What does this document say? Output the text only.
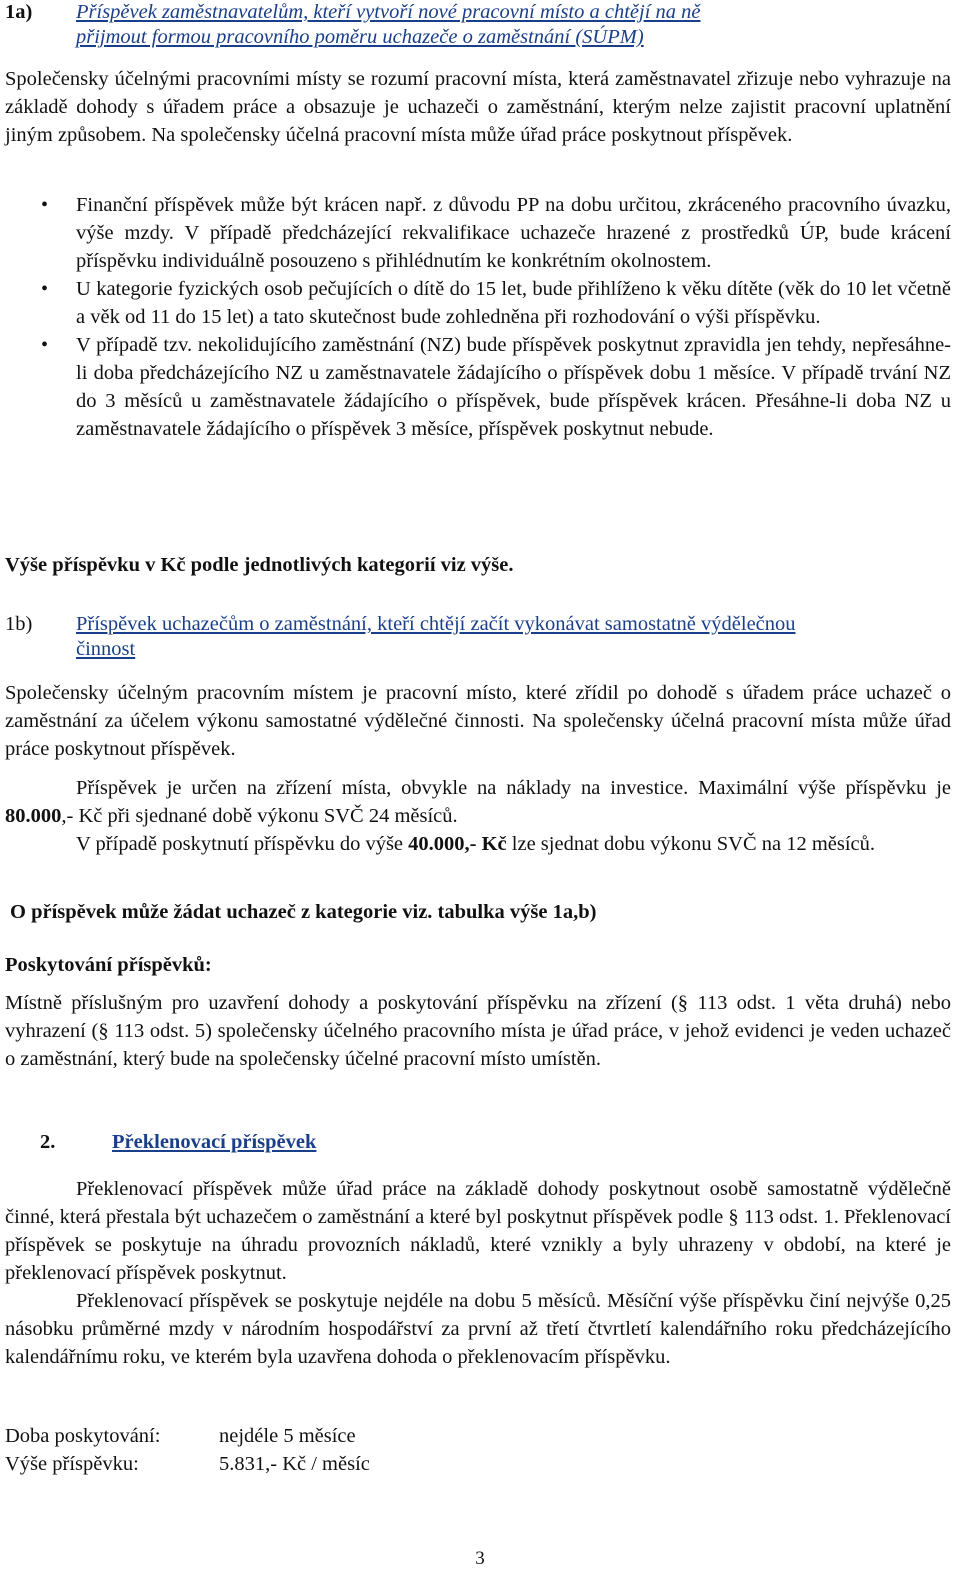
1a)	Příspěvek zaměstnavatelům, kteří vytvoří nové pracovní místo a chtějí na ně
přijmout formou pracovního poměru uchazeče o zaměstnání (SÚPM)

Společensky účelnými pracovními místy se rozumí pracovní místa, která zaměstnavatel zřizuje nebo vyhrazuje na základě dohody s úřadem práce a obsazuje je uchazeči o zaměstnání, kterým nelze zajistit pracovní uplatnění jiným způsobem. Na společensky účelná pracovní místa může úřad práce poskytnout příspěvek.

• Finanční příspěvek může být krácen např. z důvodu PP na dobu určitou, zkráceného pracovního úvazku, výše mzdy. V případě předcházející rekvalifikace uchazeče hrazené z prostředků ÚP, bude krácení příspěvku individuálně posouzeno s přihlédnutím ke konkrétním okolnostem.
• U kategorie fyzických osob pečujících o dítě do 15 let, bude přihlíženo k věku dítěte (věk do 10 let včetně a věk od 11 do 15 let) a tato skutečnost bude zohledněna při rozhodování o výši příspěvku.
• V případě tzv. nekolidujícího zaměstnání (NZ) bude příspěvek poskytnut zpravidla jen tehdy, nepřesáhne-li doba předcházejícího NZ u zaměstnavatele žádajícího o příspěvek dobu 1 měsíce. V případě trvání NZ do 3 měsíců u zaměstnavatele žádajícího o příspěvek, bude příspěvek krácen. Přesáhne-li doba NZ u zaměstnavatele žádajícího o příspěvek 3 měsíce, příspěvek poskytnut nebude.

Výše příspěvku v Kč podle jednotlivých kategorií viz výše.

1b)	Příspěvek uchazečům o zaměstnání, kteří chtějí začít vykonávat samostatně výdělečnou
činnost

Společensky účelným pracovním místem je pracovní místo, které zřídil po dohodě s úřadem práce uchazeč o zaměstnání za účelem výkonu samostatné výdělečné činnosti. Na společensky účelná pracovní místa může úřad práce poskytnout příspěvek.

Příspěvek je určen na zřízení místa, obvykle na náklady na investice. Maximální výše příspěvku je 80.000,- Kč při sjednané době výkonu SVČ 24 měsíců.

V případě poskytnutí příspěvku do výše 40.000,- Kč lze sjednat dobu výkonu SVČ na 12 měsíců.

O příspěvek může žádat uchazeč z kategorie viz. tabulka výše 1a,b)

Poskytování příspěvků:

Místně příslušným pro uzavření dohody a poskytování příspěvku na zřízení (§ 113 odst. 1 věta druhá) nebo vyhrazení (§ 113 odst. 5) společensky účelného pracovního místa je úřad práce, v jehož evidenci je veden uchazeč o zaměstnání, který bude na společensky účelné pracovní místo umístěn.

2.	Překlenovací příspěvek

Překlenovací příspěvek může úřad práce na základě dohody poskytnout osobě samostatně výdělečně činné, která přestala být uchazečem o zaměstnání a které byl poskytnut příspěvek podle § 113 odst. 1. Překlenovací příspěvek se poskytuje na úhradu provozních nákladů, které vznikly a byly uhrazeny v období, na které je překlenovací příspěvek poskytnut.

Překlenovací příspěvek se poskytuje nejdéle na dobu 5 měsíců. Měsíční výše příspěvku činí nejvýše 0,25 násobku průměrné mzdy v národním hospodářství za první až třetí čtvrtletí kalendářního roku předcházejícího kalendářnímu roku, ve kterém byla uzavřena dohoda o překlenovacím příspěvku.

Doba poskytování:	nejdéle 5 měsíce
Výše příspěvku:	5.831,- Kč / měsíc
3
